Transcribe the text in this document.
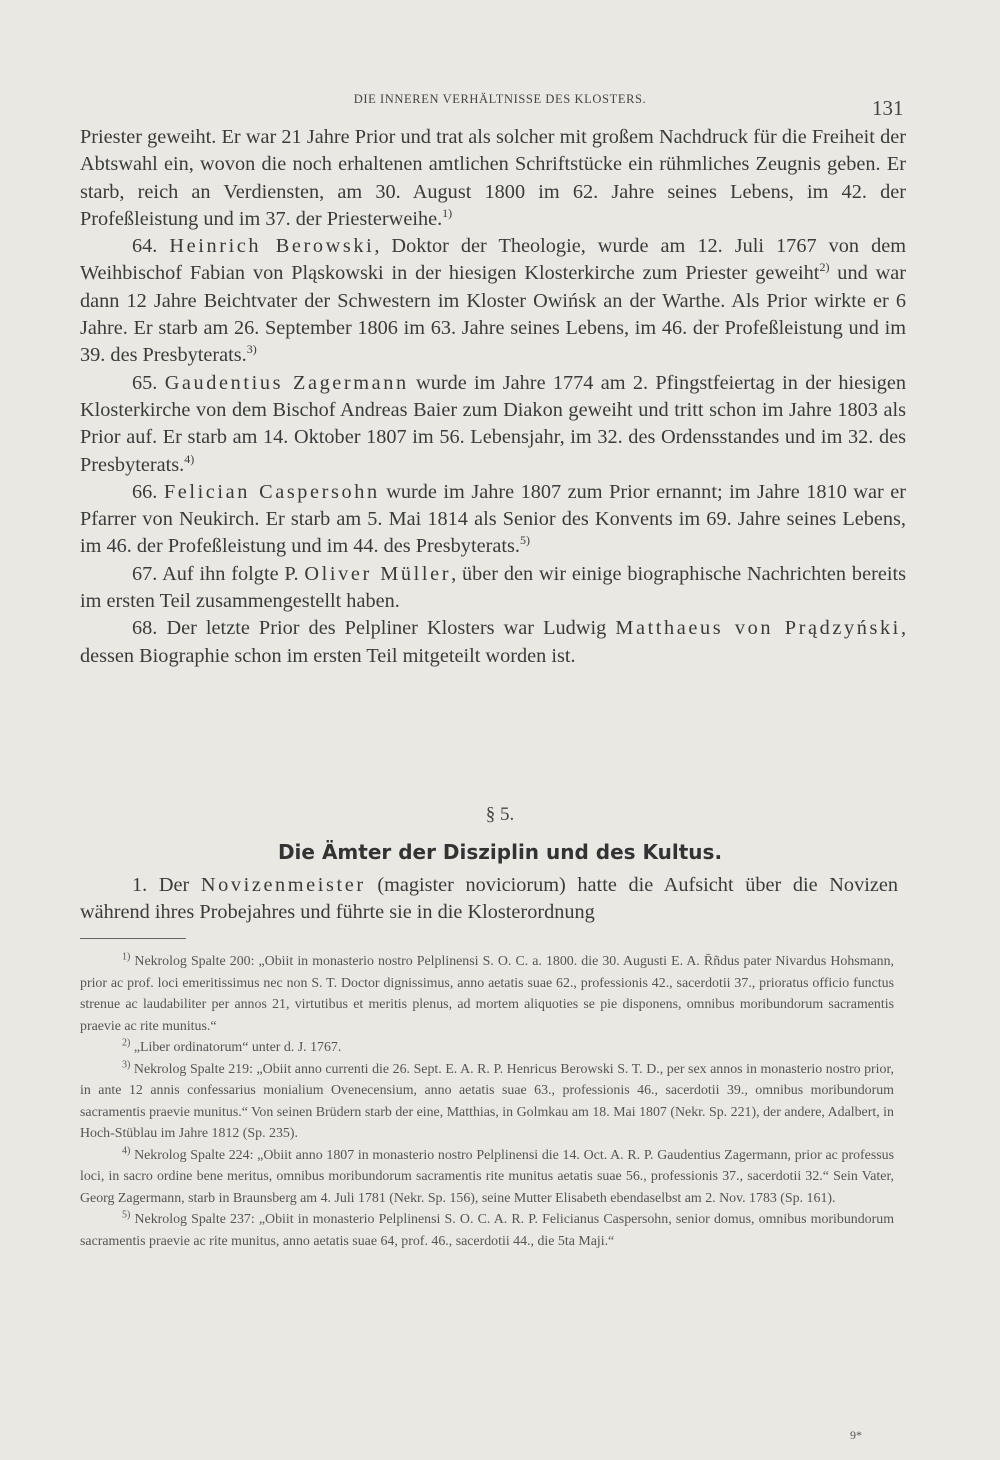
DIE INNEREN VERHÄLTNISSE DES KLOSTERS.	131

Priester geweiht. Er war 21 Jahre Prior und trat als solcher mit großem Nachdruck für die Freiheit der Abtswahl ein, wovon die noch erhaltenen amtlichen Schriftstücke ein rühmliches Zeugnis geben. Er starb, reich an Verdiensten, am 30. August 1800 im 62. Jahre seines Lebens, im 42. der Profeßleistung und im 37. der Priesterweihe.$^{1)}$

64. Heinrich Berowski, Doktor der Theologie, wurde am 12. Juli 1767 von dem Weihbischof Fabian von Pląskowski in der hiesigen Klosterkirche zum Priester geweiht$^{2)}$ und war dann 12 Jahre Beichtvater der Schwestern im Kloster Owińsk an der Warthe. Als Prior wirkte er 6 Jahre. Er starb am 26. September 1806 im 63. Jahre seines Lebens, im 46. der Profeßleistung und im 39. des Presbyterats.$^{3)}$

65. Gaudentius Zagermann wurde im Jahre 1774 am 2. Pfingstfeiertag in der hiesigen Klosterkirche von dem Bischof Andreas Baier zum Diakon geweiht und tritt schon im Jahre 1803 als Prior auf. Er starb am 14. Oktober 1807 im 56. Lebensjahr, im 32. des Ordensstandes und im 32. des Presbyterats.$^{4)}$

66. Felician Caspersohn wurde im Jahre 1807 zum Prior ernannt; im Jahre 1810 war er Pfarrer von Neukirch. Er starb am 5. Mai 1814 als Senior des Konvents im 69. Jahre seines Lebens, im 46. der Profeßleistung und im 44. des Presbyterats.$^{5)}$

67. Auf ihn folgte P. Oliver Müller, über den wir einige biographische Nachrichten bereits im ersten Teil zusammengestellt haben.

68. Der letzte Prior des Pelpliner Klosters war Ludwig Matthaeus von Prądzyński, dessen Biographie schon im ersten Teil mitgeteilt worden ist.

§ 5.
Die Ämter der Disziplin und des Kultus.

1. Der Novizenmeister (magister noviciorum) hatte die Aufsicht über die Novizen während ihres Probejahres und führte sie in die Klosterordnung

$^{1)}$ Nekrolog Spalte 200: „Obiit in monasterio nostro Pelplinensi S. O. C. a. 1800. die 30. Augusti E. A. R̄ñdus pater Nivardus Hohsmann, prior ac prof. loci emeritissimus nec non S. T. Doctor dignissimus, anno aetatis suae 62., professionis 42., sacerdotii 37., prioratus officio functus strenue ac laudabiliter per annos 21, virtutibus et meritis plenus, ad mortem aliquoties se pie disponens, omnibus moribundorum sacramentis praevie ac rite munitus.“

$^{2)}$ „Liber ordinatorum“ unter d. J. 1767.

$^{3)}$ Nekrolog Spalte 219: „Obiit anno currenti die 26. Sept. E. A. R. P. Henricus Berowski S. T. D., per sex annos in monasterio nostro prior, in ante 12 annis confessarius monialium Ovenecensium, anno aetatis suae 63., professionis 46., sacerdotii 39., omnibus moribundorum sacramentis praevie munitus.“ Von seinen Brüdern starb der eine, Matthias, in Golmkau am 18. Mai 1807 (Nekr. Sp. 221), der andere, Adalbert, in Hoch-Stüblau im Jahre 1812 (Sp. 235).

$^{4)}$ Nekrolog Spalte 224: „Obiit anno 1807 in monasterio nostro Pelplinensi die 14. Oct. A. R. P. Gaudentius Zagermann, prior ac professus loci, in sacro ordine bene meritus, omnibus moribundorum sacramentis rite munitus aetatis suae 56., professionis 37., sacerdotii 32.“ Sein Vater, Georg Zagermann, starb in Braunsberg am 4. Juli 1781 (Nekr. Sp. 156), seine Mutter Elisabeth ebendaselbst am 2. Nov. 1783 (Sp. 161).

$^{5)}$ Nekrolog Spalte 237: „Obiit in monasterio Pelplinensi S. O. C. A. R. P. Felicianus Caspersohn, senior domus, omnibus moribundorum sacramentis praevie ac rite munitus, anno aetatis suae 64, prof. 46., sacerdotii 44., die 5ta Maji.“

9*
